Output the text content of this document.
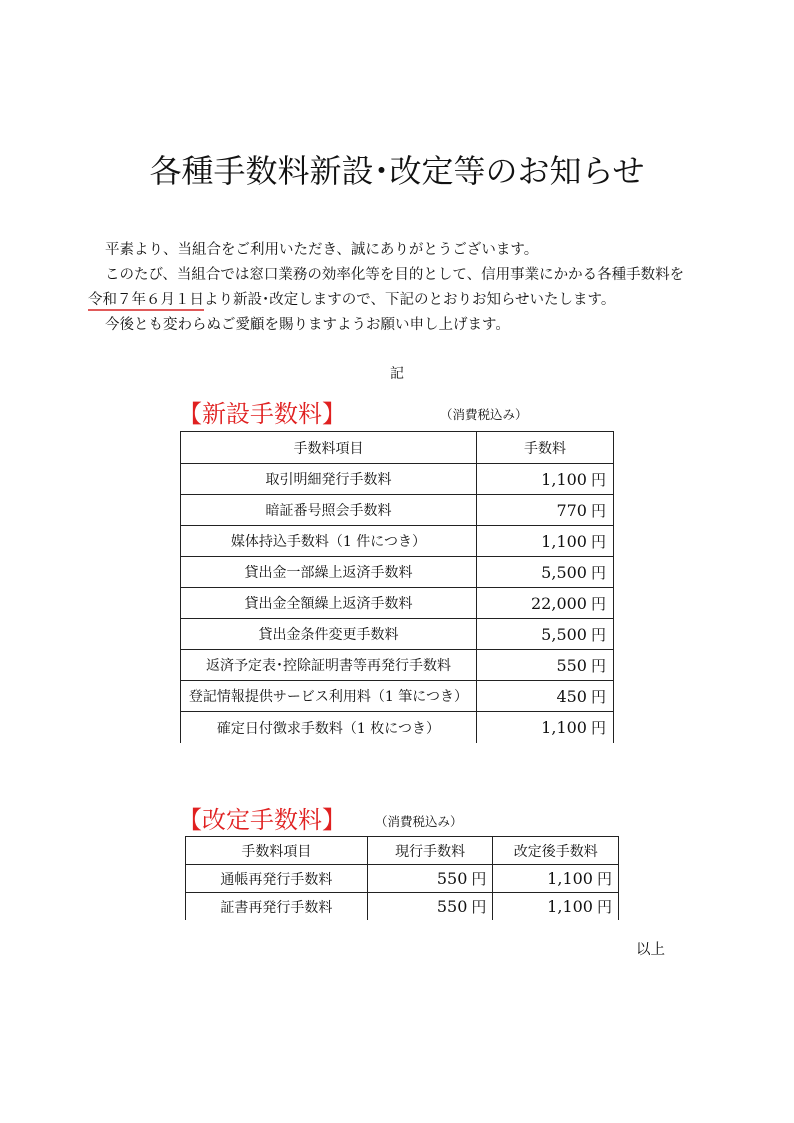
各種手数料新設･改定等のお知らせ
平素より、当組合をご利用いただき、誠にありがとうございます。
このたび、当組合では窓口業務の効率化等を目的として、信用事業にかかる各種手数料を
令和７年６月１日より新設･改定しますので、下記のとおりお知らせいたします。
今後とも変わらぬご愛顧を賜りますようお願い申し上げます。
記
【新設手数料】	（消費税込み）
手数料項目	手数料
取引明細発行手数料	1,100 円
暗証番号照会手数料	770 円
媒体持込手数料（1 件につき）	1,100 円
貸出金一部繰上返済手数料	5,500 円
貸出金全額繰上返済手数料	22,000 円
貸出金条件変更手数料	5,500 円
返済予定表･控除証明書等再発行手数料	550 円
登記情報提供サービス利用料（1 筆につき）	450 円
確定日付徴求手数料（1 枚につき）	1,100 円
【改定手数料】 （消費税込み）
手数料項目	現行手数料	改定後手数料
通帳再発行手数料	550 円	1,100 円
証書再発行手数料	550 円	1,100 円
以上
